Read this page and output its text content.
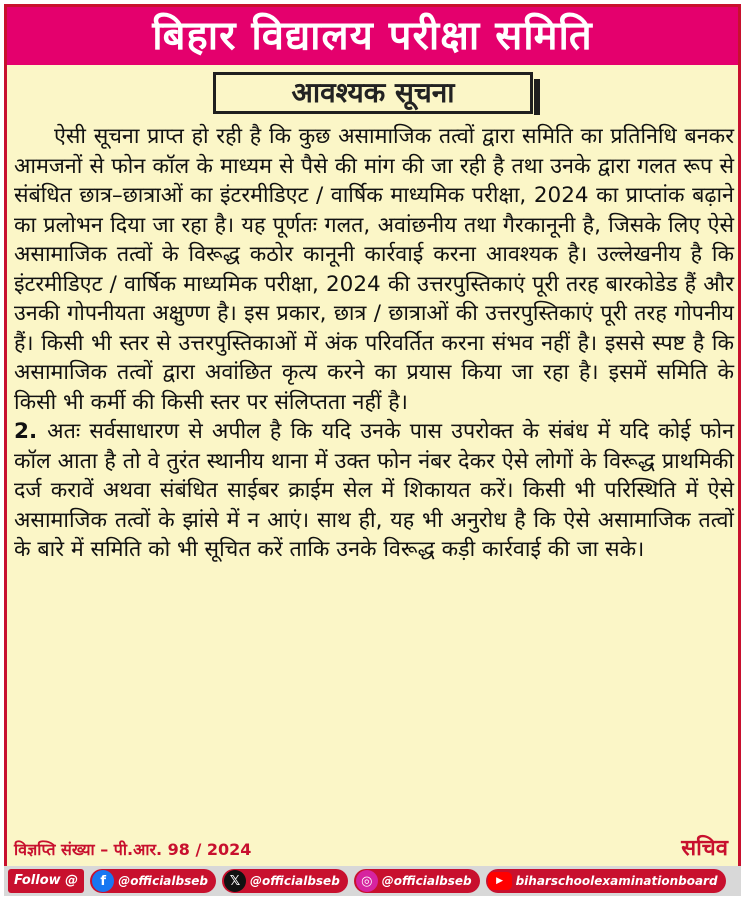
बिहार विद्यालय परीक्षा समिति
आवश्यक सूचना

ऐसी सूचना प्राप्त हो रही है कि कुछ असामाजिक तत्वों द्वारा समिति का प्रतिनिधि बनकर आमजनों से फोन कॉल के माध्यम से पैसे की मांग की जा रही है तथा उनके द्वारा गलत रूप से संबंधित छात्र–छात्राओं का इंटरमीडिएट / वार्षिक माध्यमिक परीक्षा, 2024 का प्राप्तांक बढ़ाने का प्रलोभन दिया जा रहा है। यह पूर्णतः गलत, अवांछनीय तथा गैरकानूनी है, जिसके लिए ऐसे असामाजिक तत्वों के विरूद्ध कठोर कानूनी कार्रवाई करना आवश्यक है। उल्लेखनीय है कि इंटरमीडिएट / वार्षिक माध्यमिक परीक्षा, 2024 की उत्तरपुस्तिकाएं पूरी तरह बारकोडेड हैं और उनकी गोपनीयता अक्षुण्ण है। इस प्रकार, छात्र / छात्राओं की उत्तरपुस्तिकाएं पूरी तरह गोपनीय हैं। किसी भी स्तर से उत्तरपुस्तिकाओं में अंक परिवर्तित करना संभव नहीं है। इससे स्पष्ट है कि असामाजिक तत्वों द्वारा अवांछित कृत्य करने का प्रयास किया जा रहा है। इसमें समिति के किसी भी कर्मी की किसी स्तर पर संलिप्तता नहीं है।

2. अतः सर्वसाधारण से अपील है कि यदि उनके पास उपरोक्त के संबंध में यदि कोई फोन कॉल आता है तो वे तुरंत स्थानीय थाना में उक्त फोन नंबर देकर ऐसे लोगों के विरूद्ध प्राथमिकी दर्ज करावें अथवा संबंधित साईबर क्राईम सेल में शिकायत करें। किसी भी परिस्थिति में ऐसे असामाजिक तत्वों के झांसे में न आएं। साथ ही, यह भी अनुरोध है कि ऐसे असामाजिक तत्वों के बारे में समिति को भी सूचित करें ताकि उनके विरूद्ध कड़ी कार्रवाई की जा सके।

विज्ञप्ति संख्या – पी.आर. 98 / 2024	सचिव
Follow @	f	@officialbseb	𝕏 @officialbseb	◎ @officialbseb	▶	biharschoolexaminationboard
